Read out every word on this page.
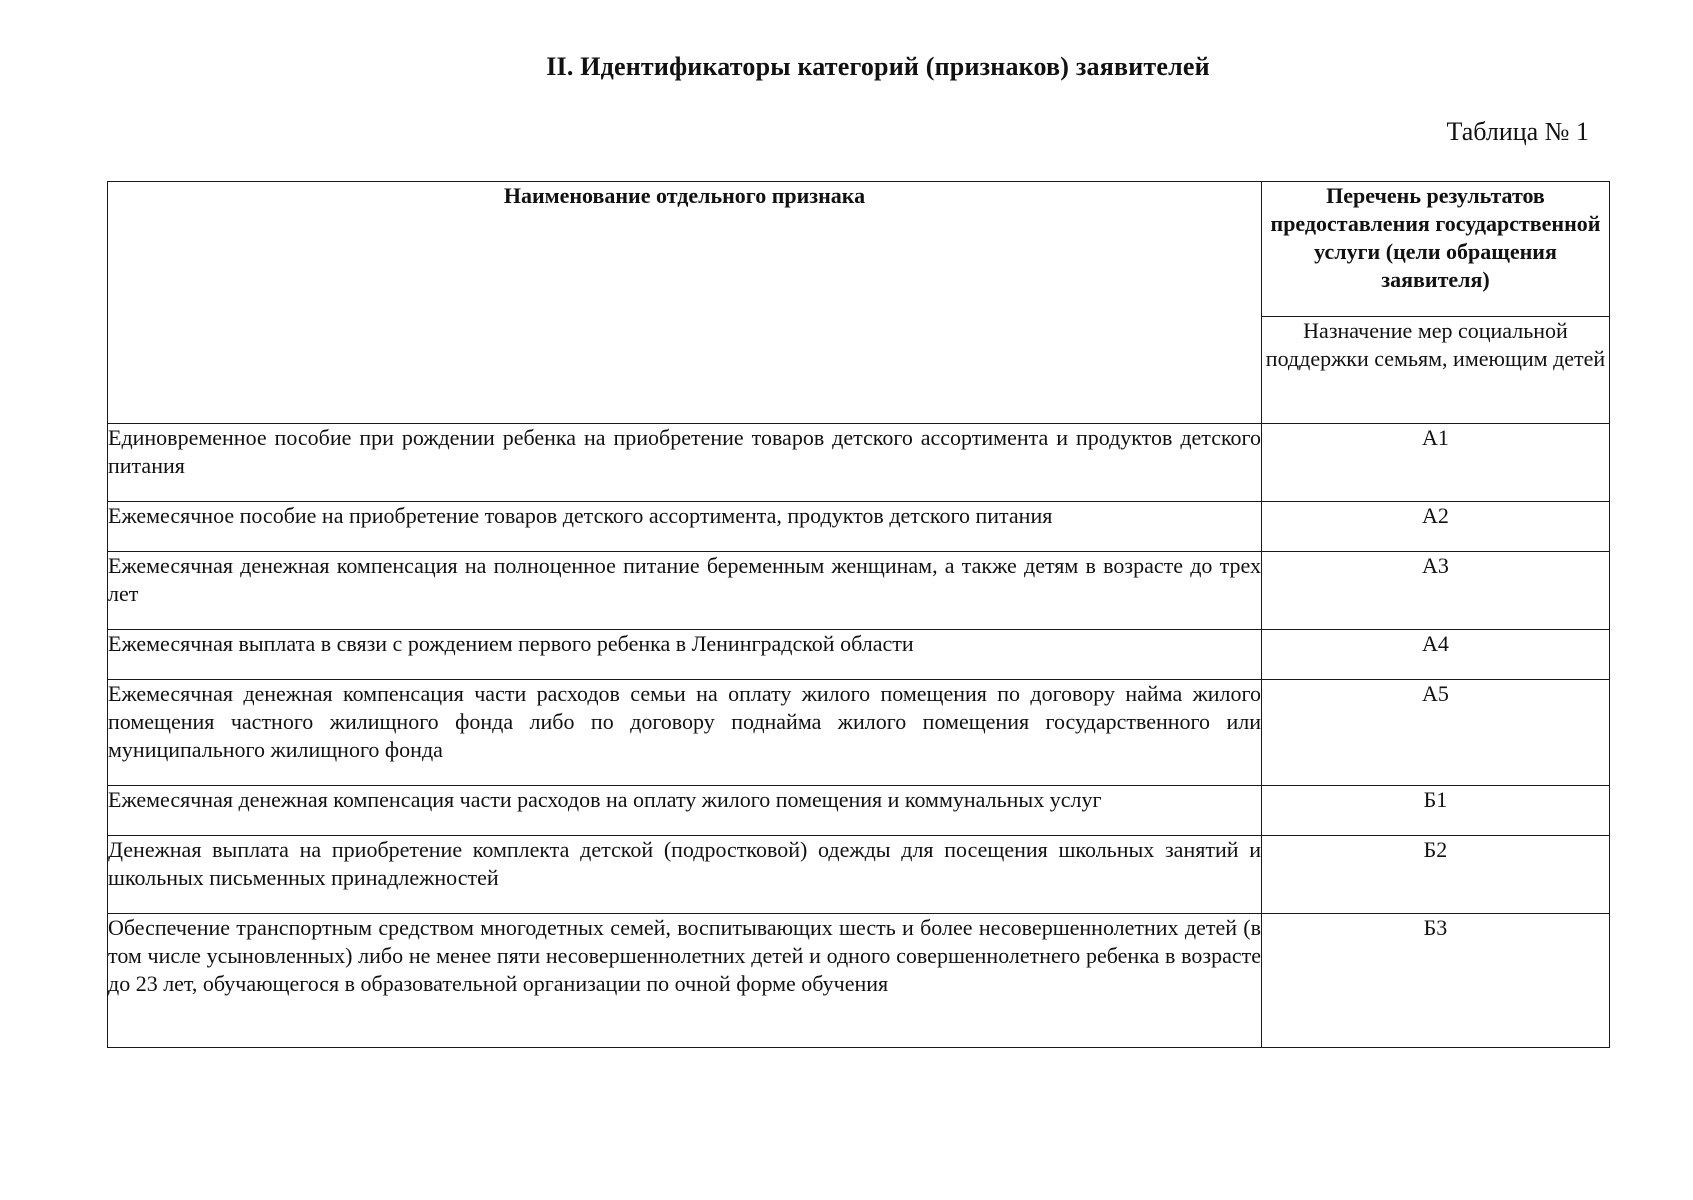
II. Идентификаторы категорий (признаков) заявителей
Таблица № 1
Наименование отдельного признака	Перечень результатов предоставления государственной услуги (цели обращения заявителя)
	Назначение мер социальной поддержки семьям, имеющим детей
Единовременное пособие при рождении ребенка на приобретение товаров детского ассортимента и продуктов детского питания	А1
Ежемесячное пособие на приобретение товаров детского ассортимента, продуктов детского питания	А2
Ежемесячная денежная компенсация на полноценное питание беременным женщинам, а также детям в возрасте до трех лет	А3
Ежемесячная выплата в связи с рождением первого ребенка в Ленинградской области	А4
Ежемесячная денежная компенсация части расходов семьи на оплату жилого помещения по договору найма жилого помещения частного жилищного фонда либо по договору поднайма жилого помещения государственного или муниципального жилищного фонда	А5
Ежемесячная денежная компенсация части расходов на оплату жилого помещения и коммунальных услуг	Б1
Денежная выплата на приобретение комплекта детской (подростковой) одежды для посещения школьных занятий и школьных письменных принадлежностей	Б2
Обеспечение транспортным средством многодетных семей, воспитывающих шесть и более несовершеннолетних детей (в том числе усыновленных) либо не менее пяти несовершеннолетних детей и одного совершеннолетнего ребенка в возрасте до 23 лет, обучающегося в образовательной организации по очной форме обучения	Б3
